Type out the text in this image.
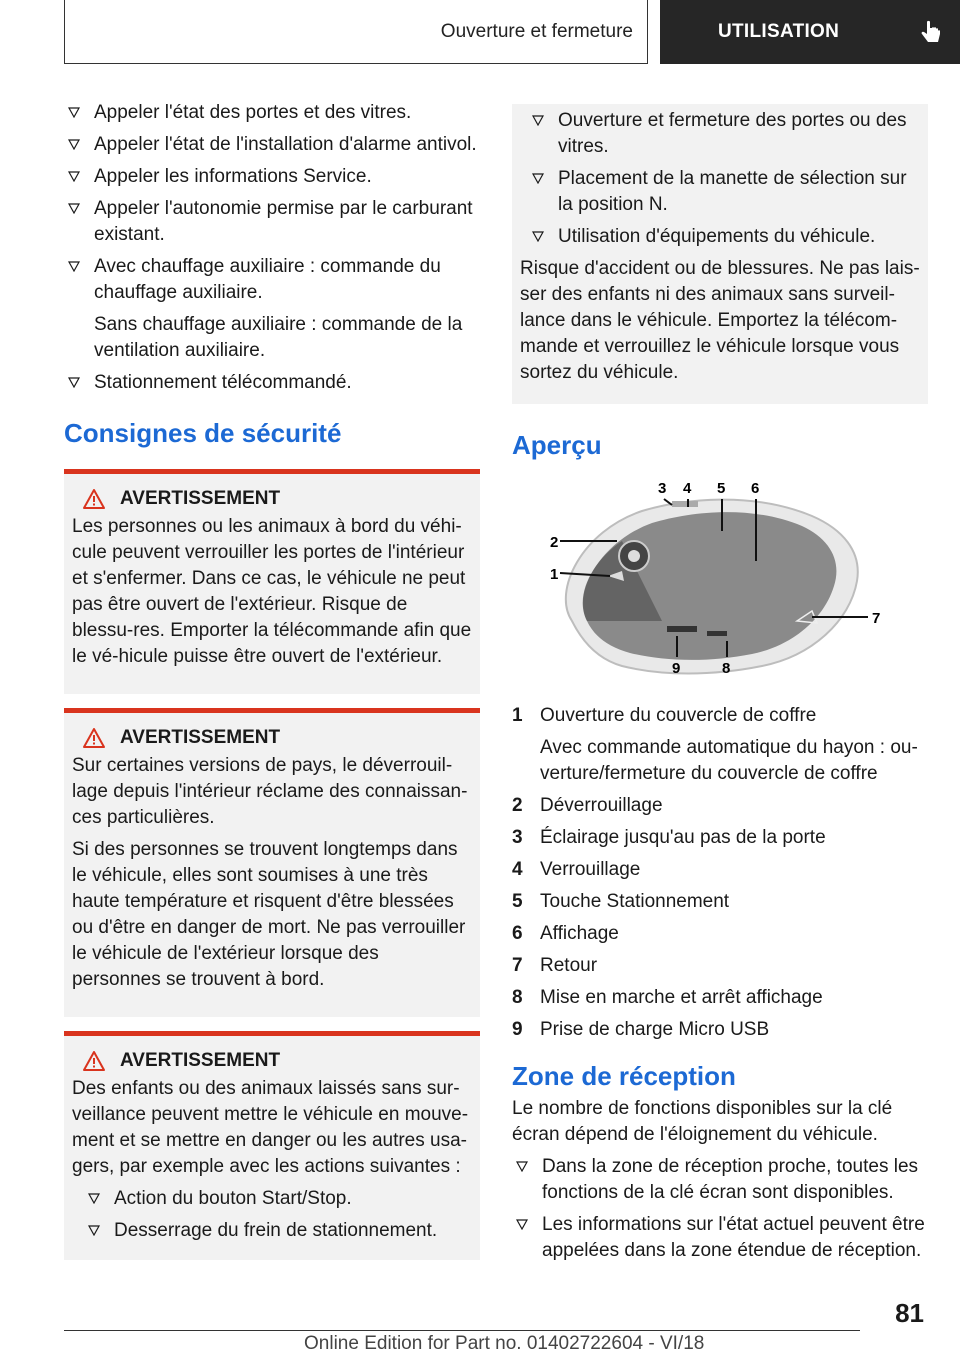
Ouverture et fermeture	UTILISATION
Appeler l'état des portes et des vitres.
Appeler l'état de l'installation d'alarme antivol.
Appeler les informations Service.
Appeler l'autonomie permise par le carburant existant.
Avec chauffage auxiliaire : commande du chauffage auxiliaire.

Sans chauffage auxiliaire : commande de la ventilation auxiliaire.

Stationnement télécommandé.
Consignes de sécurité
AVERTISSEMENT

Les personnes ou les animaux à bord du véhi-cule peuvent verrouiller les portes de l'intérieur et s'enfermer. Dans ce cas, le véhicule ne peut pas être ouvert de l'extérieur. Risque de blessu-res. Emporter la télécommande afin que le vé-hicule puisse être ouvert de l'extérieur.

AVERTISSEMENT

Sur certaines versions de pays, le déverrouil-lage depuis l'intérieur réclame des connaissan-ces particulières.

Si des personnes se trouvent longtemps dans le véhicule, elles sont soumises à une très haute température et risquent d'être blessées ou d'être en danger de mort. Ne pas verrouiller le véhicule de l'extérieur lorsque des personnes se trouvent à bord.

AVERTISSEMENT

Des enfants ou des animaux laissés sans sur-veillance peuvent mettre le véhicule en mouve-ment et se mettre en danger ou les autres usa-gers, par exemple avec les actions suivantes :

Action du bouton Start/Stop.
Desserrage du frein de stationnement.
Ouverture et fermeture des portes ou des vitres.
Placement de la manette de sélection sur la position N.
Utilisation d'équipements du véhicule.

Risque d'accident ou de blessures. Ne pas lais-ser des enfants ni des animaux sans surveil-lance dans le véhicule. Emportez la télécom-mande et verrouillez le véhicule lorsque vous sortez du véhicule.

Aperçu
1
2
3 4 5 6
7
8
9
1 Ouverture du couvercle de coffre
Avec commande automatique du hayon : ou-verture/fermeture du couvercle de coffre
2 Déverrouillage
3 Éclairage jusqu'au pas de la porte
4 Verrouillage
5 Touche Stationnement
6 Affichage
7 Retour
8 Mise en marche et arrêt affichage
9 Prise de charge Micro USB
Zone de réception

Le nombre de fonctions disponibles sur la clé écran dépend de l'éloignement du véhicule.

Dans la zone de réception proche, toutes les fonctions de la clé écran sont disponibles.
Les informations sur l'état actuel peuvent être appelées dans la zone étendue de réception.
81
Online Edition for Part no. 01402722604 - VI/18
